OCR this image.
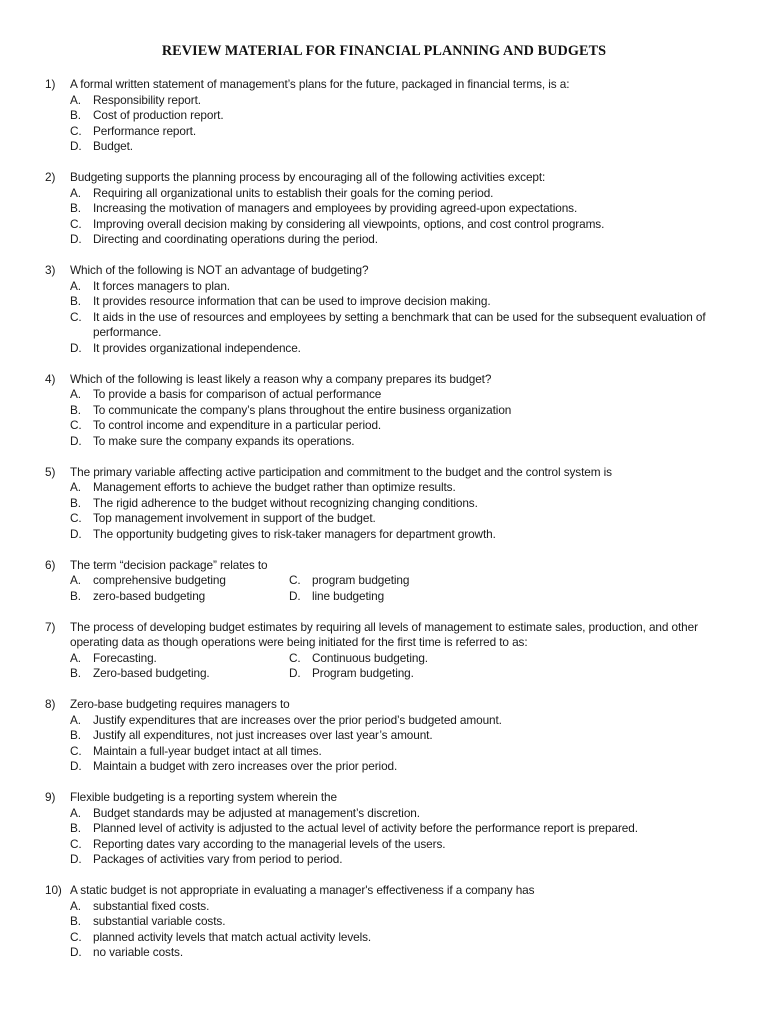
REVIEW MATERIAL FOR FINANCIAL PLANNING AND BUDGETS
1) A formal written statement of management’s plans for the future, packaged in financial terms, is a:
A. Responsibility report.
B. Cost of production report.
C. Performance report.
D. Budget.
2) Budgeting supports the planning process by encouraging all of the following activities except:
A. Requiring all organizational units to establish their goals for the coming period.
B. Increasing the motivation of managers and employees by providing agreed-upon expectations.
C. Improving overall decision making by considering all viewpoints, options, and cost control programs.
D. Directing and coordinating operations during the period.
3) Which of the following is NOT an advantage of budgeting?
A. It forces managers to plan.
B. It provides resource information that can be used to improve decision making.
C. It aids in the use of resources and employees by setting a benchmark that can be used for the subsequent evaluation of performance.
D. It provides organizational independence.
4) Which of the following is least likely a reason why a company prepares its budget?
A. To provide a basis for comparison of actual performance
B. To communicate the company’s plans throughout the entire business organization
C. To control income and expenditure in a particular period.
D. To make sure the company expands its operations.
5) The primary variable affecting active participation and commitment to the budget and the control system is
A. Management efforts to achieve the budget rather than optimize results.
B. The rigid adherence to the budget without recognizing changing conditions.
C. Top management involvement in support of the budget.
D. The opportunity budgeting gives to risk-taker managers for department growth.
6) The term “decision package” relates to
A. comprehensive budgeting	C. program budgeting
B. zero-based budgeting	D. line budgeting
7) The process of developing budget estimates by requiring all levels of management to estimate sales, production, and other operating data as though operations were being initiated for the first time is referred to as:
A. Forecasting.	C. Continuous budgeting.
B. Zero-based budgeting.	D. Program budgeting.
8) Zero-base budgeting requires managers to
A. Justify expenditures that are increases over the prior period’s budgeted amount.
B. Justify all expenditures, not just increases over last year’s amount.
C. Maintain a full-year budget intact at all times.
D. Maintain a budget with zero increases over the prior period.
9) Flexible budgeting is a reporting system wherein the
A. Budget standards may be adjusted at management’s discretion.
B. Planned level of activity is adjusted to the actual level of activity before the performance report is prepared.
C. Reporting dates vary according to the managerial levels of the users.
D. Packages of activities vary from period to period.
10) A static budget is not appropriate in evaluating a manager's effectiveness if a company has
A. substantial fixed costs.
B. substantial variable costs.
C. planned activity levels that match actual activity levels.
D. no variable costs.
